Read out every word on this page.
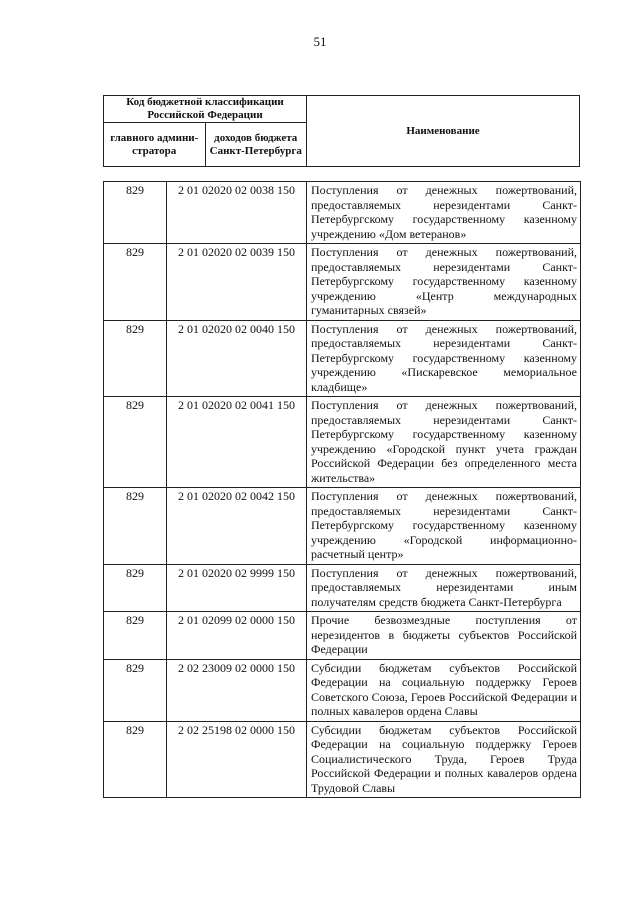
51
Код бюджетной классификации Российской Федерации		Наименование
главного админи-стратора	доходов бюджета Санкт-Петербурга	
829	2 01 02020 02 0038 150	Поступления от денежных пожертвований, предоставляемых нерезидентами Санкт-Петербургскому государственному казенному учреждению «Дом ветеранов»
829	2 01 02020 02 0039 150	Поступления от денежных пожертвований, предоставляемых нерезидентами Санкт-Петербургскому государственному казенному учреждению «Центр международных гуманитарных связей»
829	2 01 02020 02 0040 150	Поступления от денежных пожертвований, предоставляемых нерезидентами Санкт-Петербургскому государственному казенному учреждению «Пискаревское мемориальное кладбище»
829	2 01 02020 02 0041 150	Поступления от денежных пожертвований, предоставляемых нерезидентами Санкт-Петербургскому государственному казенному учреждению «Городской пункт учета граждан Российской Федерации без определенного места жительства»
829	2 01 02020 02 0042 150	Поступления от денежных пожертвований, предоставляемых нерезидентами Санкт-Петербургскому государственному казенному учреждению «Городской информационно-расчетный центр»
829	2 01 02020 02 9999 150	Поступления от денежных пожертвований, предоставляемых нерезидентами иным получателям средств бюджета Санкт-Петербурга
829	2 01 02099 02 0000 150	Прочие безвозмездные поступления от нерезидентов в бюджеты субъектов Российской Федерации
829	2 02 23009 02 0000 150	Субсидии бюджетам субъектов Российской Федерации на социальную поддержку Героев Советского Союза, Героев Российской Федерации и полных кавалеров ордена Славы
829	2 02 25198 02 0000 150	Субсидии бюджетам субъектов Российской Федерации на социальную поддержку Героев Социалистического Труда, Героев Труда Российской Федерации и полных кавалеров ордена Трудовой Славы
